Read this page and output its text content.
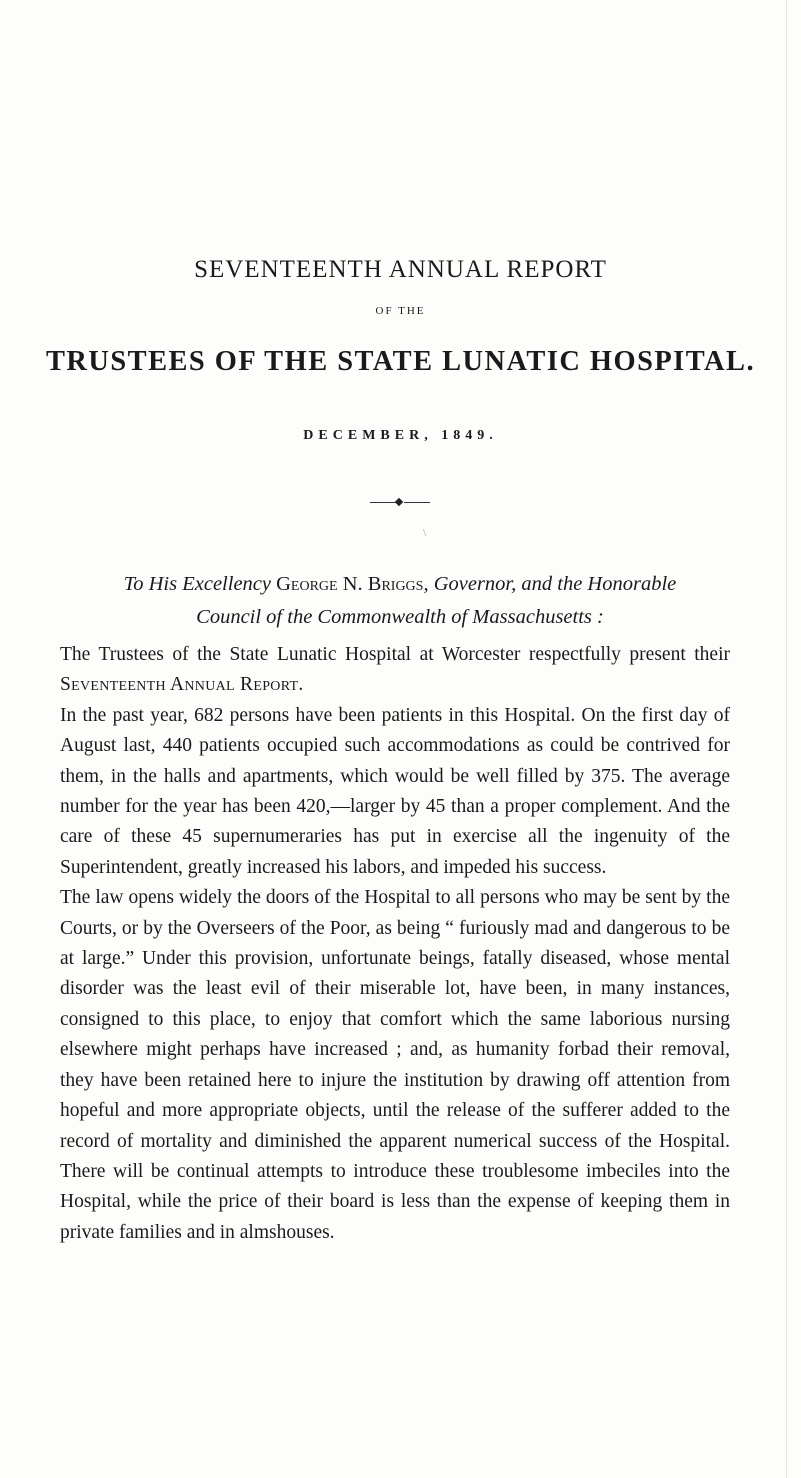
SEVENTEENTH ANNUAL REPORT
OF THE
TRUSTEES OF THE STATE LUNATIC HOSPITAL.
DECEMBER, 1849.
\
To His Excellency George N. Briggs, Governor, and the Honorable
Council of the Commonwealth of Massachusetts :

The Trustees of the State Lunatic Hospital at Worcester respectfully present their Seventeenth Annual Report.

In the past year, 682 persons have been patients in this Hospital. On the first day of August last, 440 patients occupied such accommodations as could be contrived for them, in the halls and apartments, which would be well filled by 375. The average number for the year has been 420,—larger by 45 than a proper complement. And the care of these 45 supernumeraries has put in exercise all the ingenuity of the Superintendent, greatly increased his labors, and impeded his success.

The law opens widely the doors of the Hospital to all persons who may be sent by the Courts, or by the Overseers of the Poor, as being “ furiously mad and dangerous to be at large.” Under this provision, unfortunate beings, fatally diseased, whose mental disorder was the least evil of their miserable lot, have been, in many instances, consigned to this place, to enjoy that comfort which the same laborious nursing elsewhere might perhaps have increased ; and, as humanity forbad their removal, they have been retained here to injure the institution by drawing off attention from hopeful and more appropriate objects, until the release of the sufferer added to the record of mortality and diminished the apparent numerical success of the Hospital. There will be continual attempts to introduce these troublesome imbeciles into the Hospital, while the price of their board is less than the expense of keeping them in private families and in almshouses.
